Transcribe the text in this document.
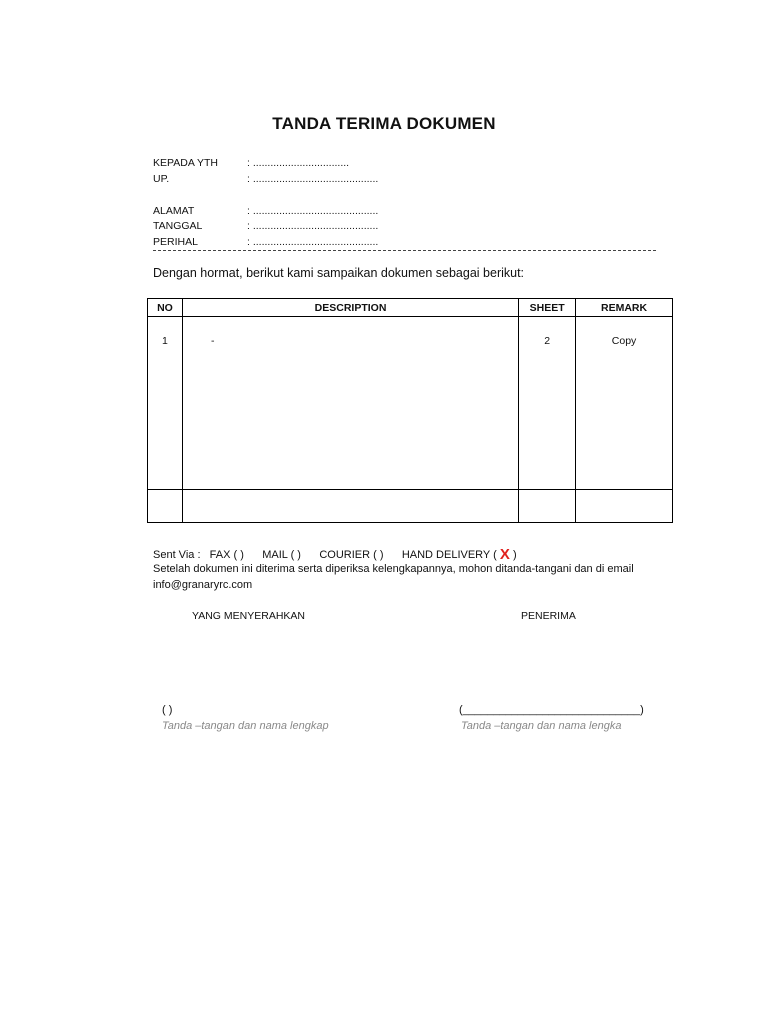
TANDA TERIMA DOKUMEN
KEPADA YTH	: .................................
UP.	: ...........................................
ALAMAT	: ...........................................
TANGGAL	: ...........................................
PERIHAL	: ...........................................
Dengan hormat, berikut kami sampaikan dokumen sebagai berikut:
NO	DESCRIPTION	SHEET	REMARK
1	-	2	Copy

Sent Via : FAX ( ) MAIL ( ) COURIER ( ) HAND DELIVERY ( X )
Setelah dokumen ini diterima serta diperiksa kelengkapannya, mohon ditanda-tangani dan di email
info@granaryrc.com
YANG MENYERAHKAN	PENERIMA
( )	(_____________________________)
Tanda –tangan dan nama lengkap	Tanda –tangan dan nama lengka
